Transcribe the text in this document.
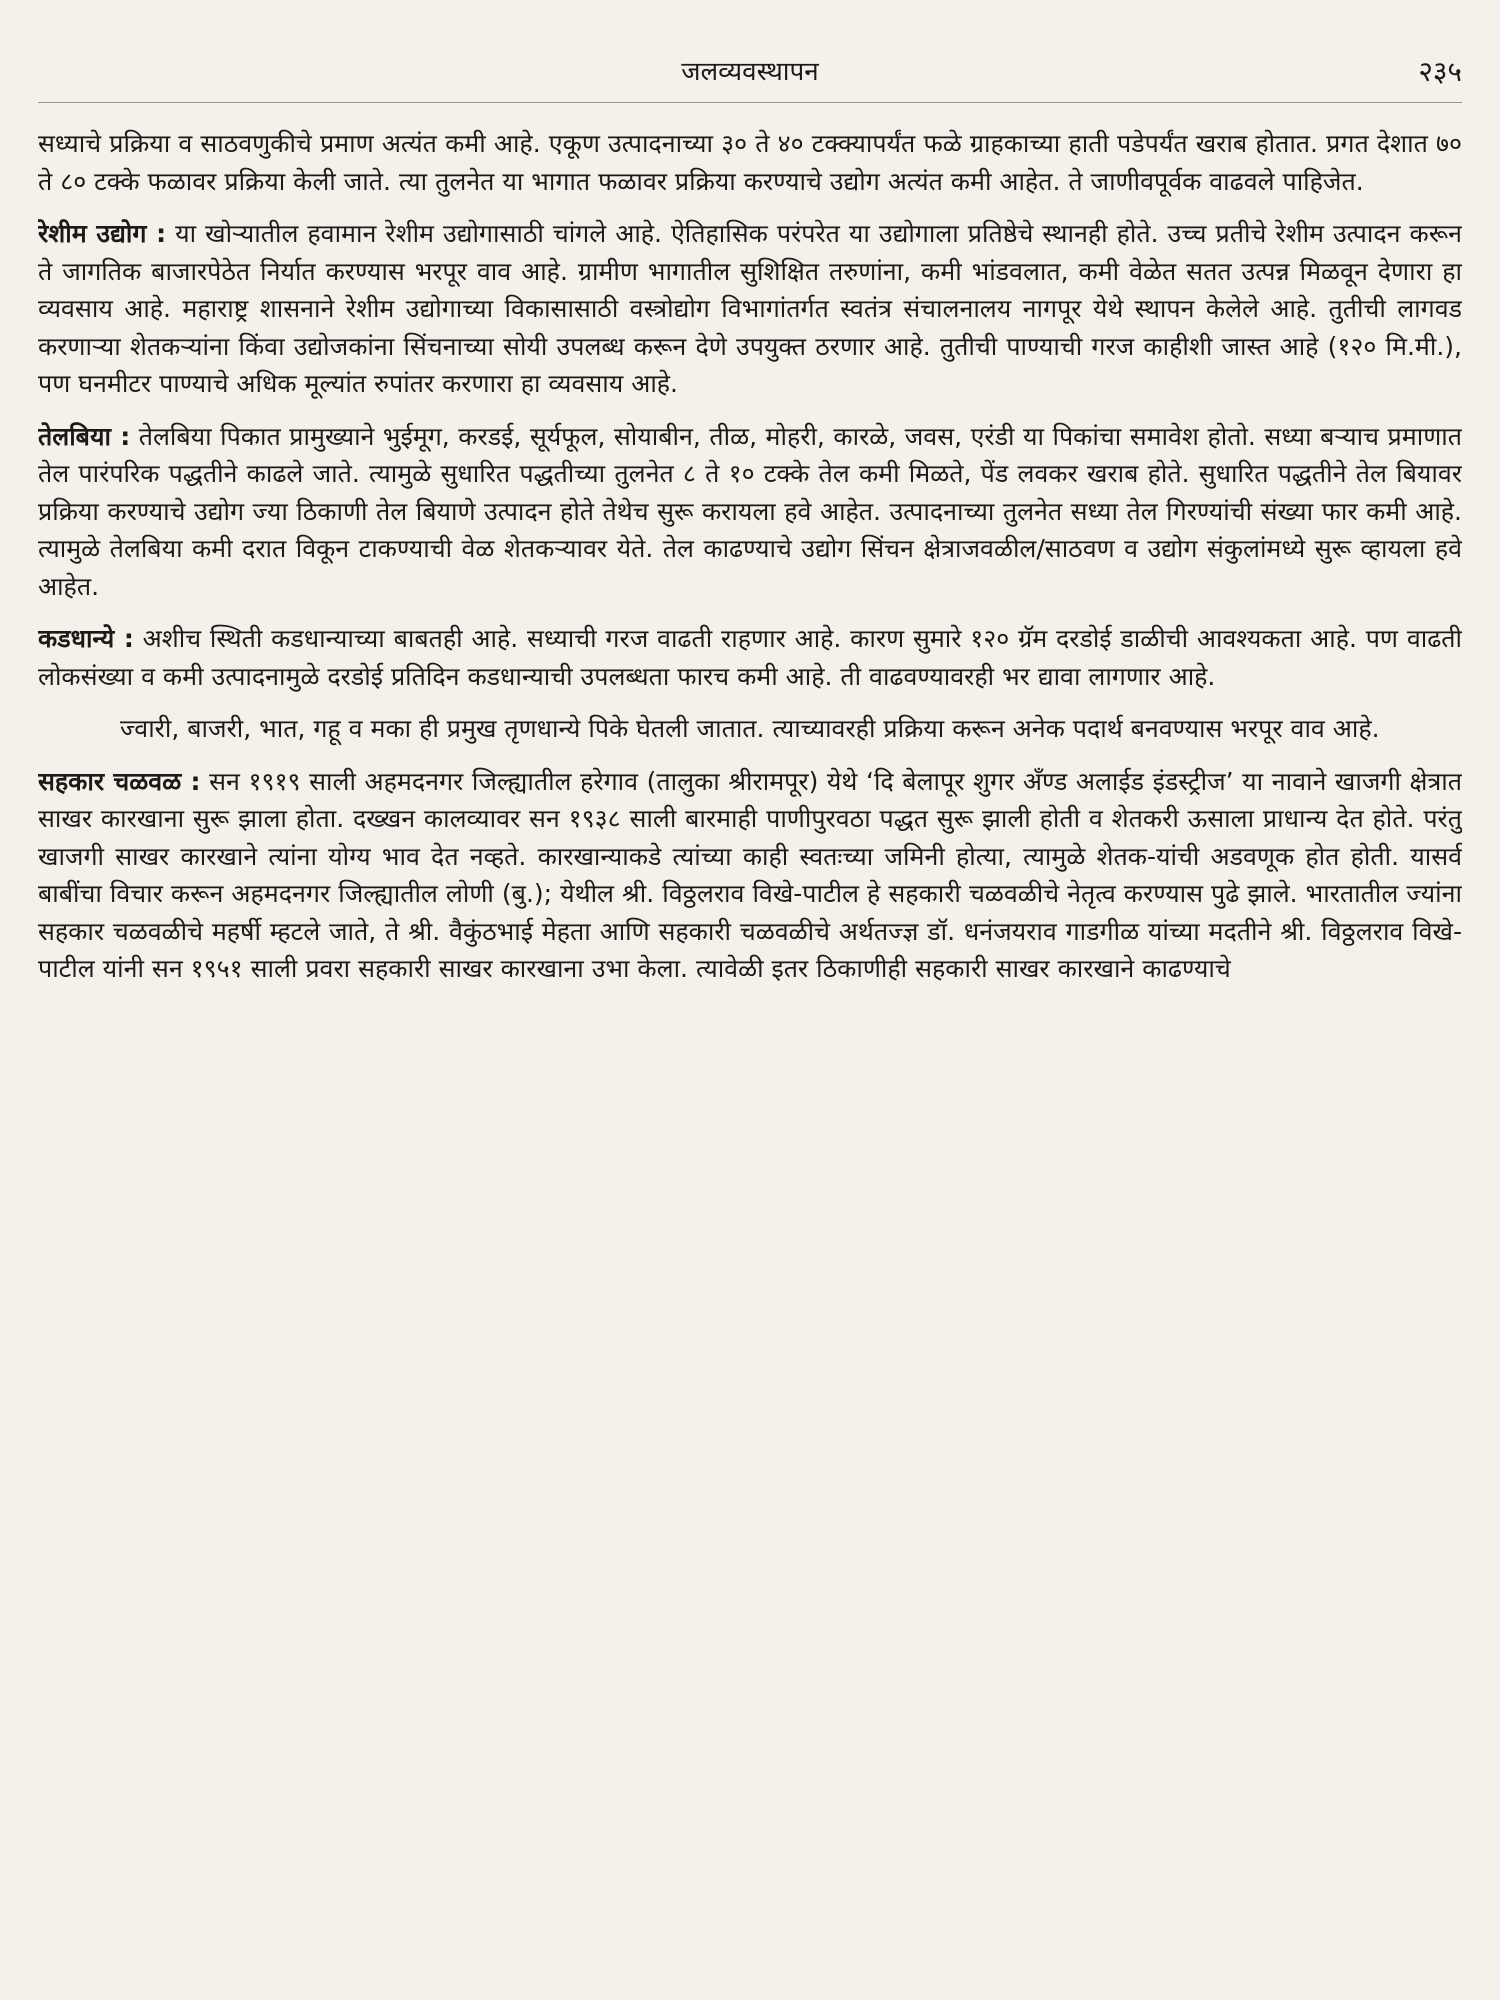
जलव्यवस्थापन	२३५

सध्याचे प्रक्रिया व साठवणुकीचे प्रमाण अत्यंत कमी आहे. एकूण उत्पादनाच्या ३० ते ४० टक्क्यापर्यंत फळे ग्राहकाच्या हाती पडेपर्यंत खराब होतात. प्रगत देशात ७० ते ८० टक्के फळावर प्रक्रिया केली जाते. त्या तुलनेत या भागात फळावर प्रक्रिया करण्याचे उद्योग अत्यंत कमी आहेत. ते जाणीवपूर्वक वाढवले पाहिजेत.

रेशीम उद्योग : या खोऱ्यातील हवामान रेशीम उद्योगासाठी चांगले आहे. ऐतिहासिक परंपरेत या उद्योगाला प्रतिष्ठेचे स्थानही होते. उच्च प्रतीचे रेशीम उत्पादन करून ते जागतिक बाजारपेठेत निर्यात करण्यास भरपूर वाव आहे. ग्रामीण भागातील सुशिक्षित तरुणांना, कमी भांडवलात, कमी वेळेत सतत उत्पन्न मिळवून देणारा हा व्यवसाय आहे. महाराष्ट्र शासनाने रेशीम उद्योगाच्या विकासासाठी वस्त्रोद्योग विभागांतर्गत स्वतंत्र संचालनालय नागपूर येथे स्थापन केलेले आहे. तुतीची लागवड करणाऱ्या शेतकऱ्यांना किंवा उद्योजकांना सिंचनाच्या सोयी उपलब्ध करून देणे उपयुक्त ठरणार आहे. तुतीची पाण्याची गरज काहीशी जास्त आहे (१२० मि.मी.), पण घनमीटर पाण्याचे अधिक मूल्यांत रुपांतर करणारा हा व्यवसाय आहे.

तेलबिया : तेलबिया पिकात प्रामुख्याने भुईमूग, करडई, सूर्यफूल, सोयाबीन, तीळ, मोहरी, कारळे, जवस, एरंडी या पिकांचा समावेश होतो. सध्या बऱ्याच प्रमाणात तेल पारंपरिक पद्धतीने काढले जाते. त्यामुळे सुधारित पद्धतीच्या तुलनेत ८ ते १० टक्के तेल कमी मिळते, पेंड लवकर खराब होते. सुधारित पद्धतीने तेल बियावर प्रक्रिया करण्याचे उद्योग ज्या ठिकाणी तेल बियाणे उत्पादन होते तेथेच सुरू करायला हवे आहेत. उत्पादनाच्या तुलनेत सध्या तेल गिरण्यांची संख्या फार कमी आहे. त्यामुळे तेलबिया कमी दरात विकून टाकण्याची वेळ शेतकऱ्यावर येते. तेल काढण्याचे उद्योग सिंचन क्षेत्राजवळील/साठवण व उद्योग संकुलांमध्ये सुरू व्हायला हवे आहेत.

कडधान्ये : अशीच स्थिती कडधान्याच्या बाबतही आहे. सध्याची गरज वाढती राहणार आहे. कारण सुमारे १२० ग्रॅम दरडोई डाळीची आवश्यकता आहे. पण वाढती लोकसंख्या व कमी उत्पादनामुळे दरडोई प्रतिदिन कडधान्याची उपलब्धता फारच कमी आहे. ती वाढवण्यावरही भर द्यावा लागणार आहे.

ज्वारी, बाजरी, भात, गहू व मका ही प्रमुख तृणधान्ये पिके घेतली जातात. त्याच्यावरही प्रक्रिया करून अनेक पदार्थ बनवण्यास भरपूर वाव आहे.

सहकार चळवळ : सन १९१९ साली अहमदनगर जिल्ह्यातील हरेगाव (तालुका श्रीरामपूर) येथे ‘दि बेलापूर शुगर अँण्ड अलाईड इंडस्ट्रीज’ या नावाने खाजगी क्षेत्रात साखर कारखाना सुरू झाला होता. दख्खन कालव्यावर सन १९३८ साली बारमाही पाणीपुरवठा पद्धत सुरू झाली होती व शेतकरी ऊसाला प्राधान्य देत होते. परंतु खाजगी साखर कारखाने त्यांना योग्य भाव देत नव्हते. कारखान्याकडे त्यांच्या काही स्वतःच्या जमिनी होत्या, त्यामुळे शेतक-यांची अडवणूक होत होती. यासर्व बाबींचा विचार करून अहमदनगर जिल्ह्यातील लोणी (बु.); येथील श्री. विठ्ठलराव विखे-पाटील हे सहकारी चळवळीचे नेतृत्व करण्यास पुढे झाले. भारतातील ज्यांना सहकार चळवळीचे महर्षी म्हटले जाते, ते श्री. वैकुंठभाई मेहता आणि सहकारी चळवळीचे अर्थतज्ज्ञ डॉ. धनंजयराव गाडगीळ यांच्या मदतीने श्री. विठ्ठलराव विखे-पाटील यांनी सन १९५१ साली प्रवरा सहकारी साखर कारखाना उभा केला. त्यावेळी इतर ठिकाणीही सहकारी साखर कारखाने काढण्याचे
